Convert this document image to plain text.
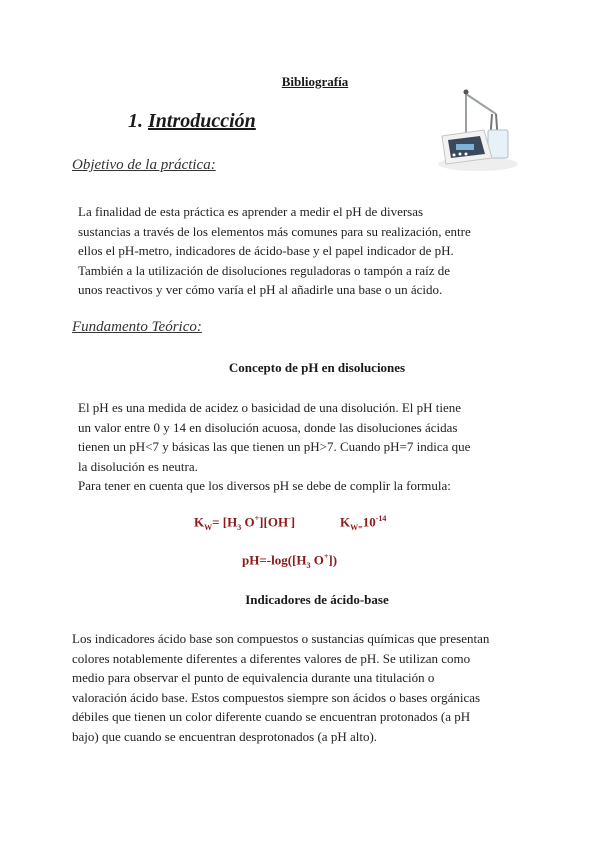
Bibliografía
1. Introducción
Objetivo de la práctica:
La finalidad de esta práctica es aprender a medir el pH de diversas
sustancias a través de los elementos más comunes para su realización, entre
ellos el pH-metro, indicadores de ácido-base y el papel indicador de pH.
También a la utilización de disoluciones reguladoras o tampón a raíz de
unos reactivos y ver cómo varía el pH al añadirle una base o un ácido.
Fundamento Teórico:
Concepto de pH en disoluciones
El pH es una medida de acidez o basicidad de una disolución. El pH tiene
un valor entre 0 y 14 en disolución acuosa, donde las disoluciones ácidas
tienen un pH<7 y básicas las que tienen un pH>7. Cuando pH=7 indica que
la disolución es neutra.
Para tener en cuenta que los diversos pH se debe de complir la formula:
$K_W= [H_3$ O+][OH-]	$K_{W=}10^{-14}$
$pH=-\log([H_3$ O+])
Indicadores de ácido-base
Los indicadores ácido base son compuestos o sustancias químicas que presentan
colores notablemente diferentes a diferentes valores de pH. Se utilizan como
medio para observar el punto de equivalencia durante una titulación o
valoración ácido base. Estos compuestos siempre son ácidos o bases orgánicas
débiles que tienen un color diferente cuando se encuentran protonados (a pH
bajo) que cuando se encuentran desprotonados (a pH alto).
